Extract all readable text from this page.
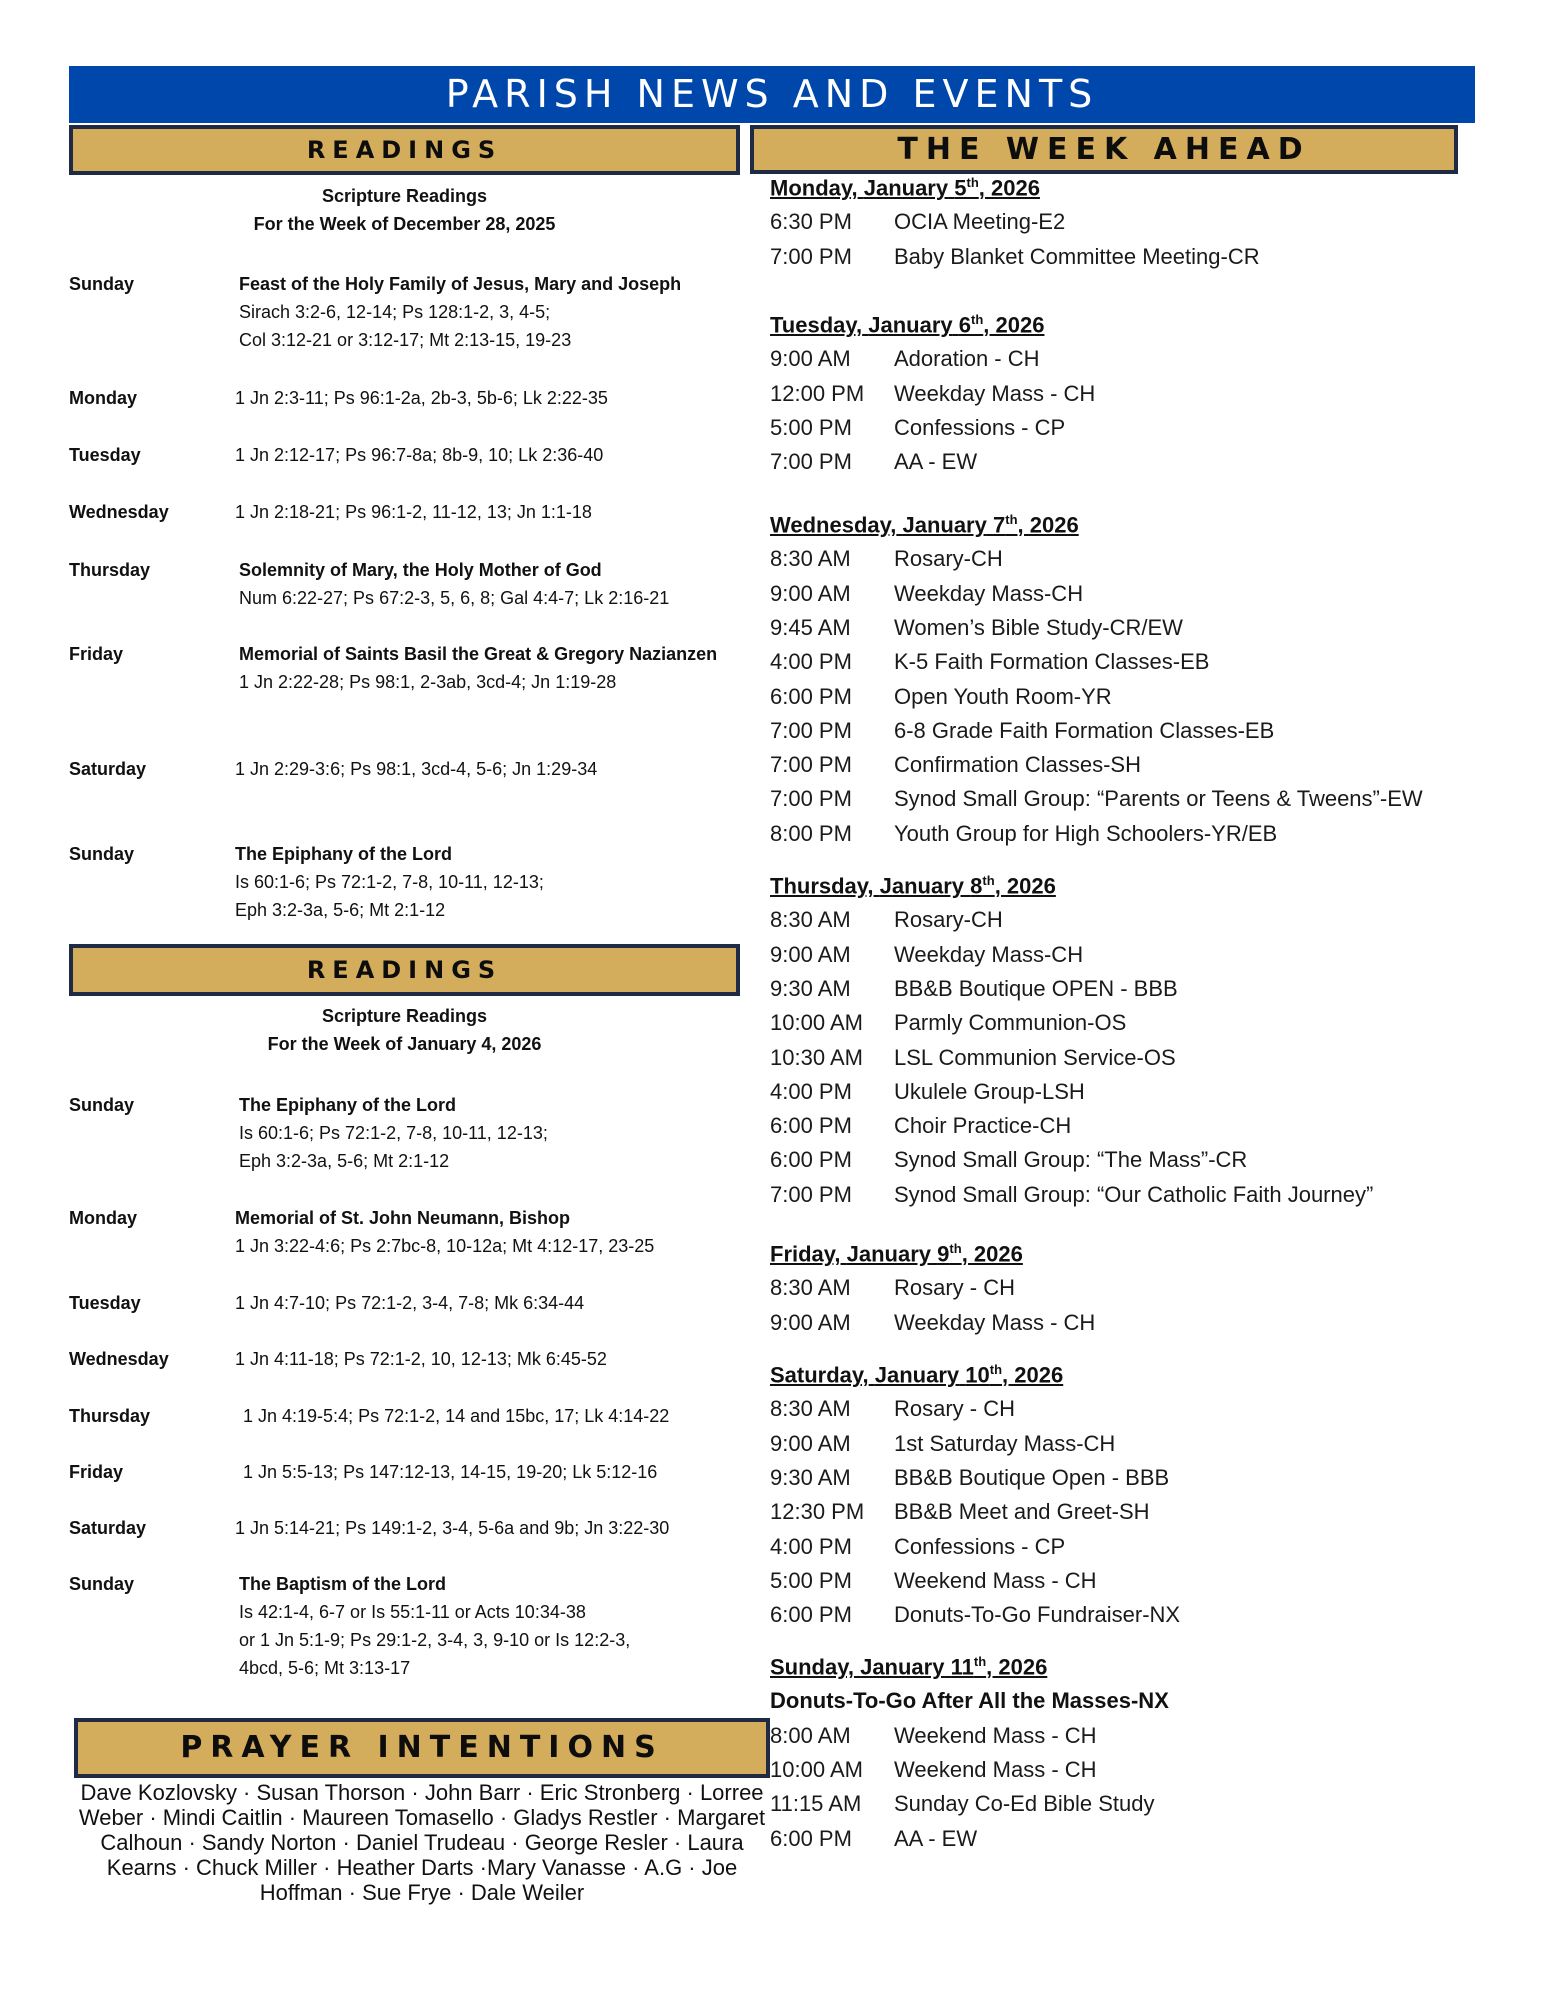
PARISH NEWS AND EVENTS
READINGS	THE WEEK AHEAD
READINGS
PRAYER INTENTIONS
Scripture Readings
For the Week of December 28, 2025
Sunday	Feast of the Holy Family of Jesus, Mary and Joseph
Sirach 3:2-6, 12-14; Ps 128:1-2, 3, 4-5;
Col 3:12-21 or 3:12-17; Mt 2:13-15, 19-23
Monday	1 Jn 2:3-11; Ps 96:1-2a, 2b-3, 5b-6; Lk 2:22-35
Tuesday	1 Jn 2:12-17; Ps 96:7-8a; 8b-9, 10; Lk 2:36-40
Wednesday	1 Jn 2:18-21; Ps 96:1-2, 11-12, 13; Jn 1:1-18
Thursday	Solemnity of Mary, the Holy Mother of God
Num 6:22-27; Ps 67:2-3, 5, 6, 8; Gal 4:4-7; Lk 2:16-21
Friday	Memorial of Saints Basil the Great & Gregory Nazianzen
1 Jn 2:22-28; Ps 98:1, 2-3ab, 3cd-4; Jn 1:19-28
Saturday	1 Jn 2:29-3:6; Ps 98:1, 3cd-4, 5-6; Jn 1:29-34
Sunday	The Epiphany of the Lord
Is 60:1-6; Ps 72:1-2, 7-8, 10-11, 12-13;
Eph 3:2-3a, 5-6; Mt 2:1-12
Scripture Readings
For the Week of January 4, 2026
Sunday	The Epiphany of the Lord
Is 60:1-6; Ps 72:1-2, 7-8, 10-11, 12-13;
Eph 3:2-3a, 5-6; Mt 2:1-12
Monday	Memorial of St. John Neumann, Bishop
1 Jn 3:22-4:6; Ps 2:7bc-8, 10-12a; Mt 4:12-17, 23-25
Tuesday	1 Jn 4:7-10; Ps 72:1-2, 3-4, 7-8; Mk 6:34-44
Wednesday	1 Jn 4:11-18; Ps 72:1-2, 10, 12-13; Mk 6:45-52
Thursday	1 Jn 4:19-5:4; Ps 72:1-2, 14 and 15bc, 17; Lk 4:14-22
Friday	1 Jn 5:5-13; Ps 147:12-13, 14-15, 19-20; Lk 5:12-16
Saturday	1 Jn 5:14-21; Ps 149:1-2, 3-4, 5-6a and 9b; Jn 3:22-30
Sunday	The Baptism of the Lord
Is 42:1-4, 6-7 or Is 55:1-11 or Acts 10:34-38
or 1 Jn 5:1-9; Ps 29:1-2, 3-4, 3, 9-10 or Is 12:2-3,
4bcd, 5-6; Mt 3:13-17
Monday, January 5th, 2026
6:30 PM OCIA Meeting-E2
7:00 PM Baby Blanket Committee Meeting-CR
Tuesday, January 6th, 2026
9:00 AM Adoration - CH
12:00 PM Weekday Mass - CH
5:00 PM Confessions - CP
7:00 PM AA - EW
Wednesday, January 7th, 2026
8:30 AM Rosary-CH
9:00 AM Weekday Mass-CH
9:45 AM Women’s Bible Study-CR/EW
4:00 PM K-5 Faith Formation Classes-EB
6:00 PM Open Youth Room-YR
7:00 PM 6-8 Grade Faith Formation Classes-EB
7:00 PM Confirmation Classes-SH
7:00 PM Synod Small Group: “Parents or Teens & Tweens”-EW
8:00 PM Youth Group for High Schoolers-YR/EB
Thursday, January 8th, 2026
8:30 AM Rosary-CH
9:00 AM Weekday Mass-CH
9:30 AM BB&B Boutique OPEN - BBB
10:00 AM Parmly Communion-OS
10:30 AM LSL Communion Service-OS
4:00 PM Ukulele Group-LSH
6:00 PM Choir Practice-CH
6:00 PM Synod Small Group: “The Mass”-CR
7:00 PM Synod Small Group: “Our Catholic Faith Journey”
Friday, January 9th, 2026
8:30 AM Rosary - CH
9:00 AM Weekday Mass - CH
Saturday, January 10th, 2026
8:30 AM Rosary - CH
9:00 AM 1st Saturday Mass-CH
9:30 AM BB&B Boutique Open - BBB
12:30 PM BB&B Meet and Greet-SH
4:00 PM Confessions - CP
5:00 PM Weekend Mass - CH
6:00 PM Donuts-To-Go Fundraiser-NX
Sunday, January 11th, 2026
Donuts-To-Go After All the Masses-NX
8:00 AM Weekend Mass - CH
10:00 AM Weekend Mass - CH
11:15 AM Sunday Co-Ed Bible Study
6:00 PM AA - EW
Dave Kozlovsky · Susan Thorson · John Barr · Eric Stronberg · Lorree Weber · Mindi Caitlin · Maureen Tomasello · Gladys Restler · Margaret Calhoun · Sandy Norton · Daniel Trudeau · George Resler · Laura Kearns · Chuck Miller · Heather Darts ·Mary Vanasse · A.G · Joe Hoffman · Sue Frye · Dale Weiler
